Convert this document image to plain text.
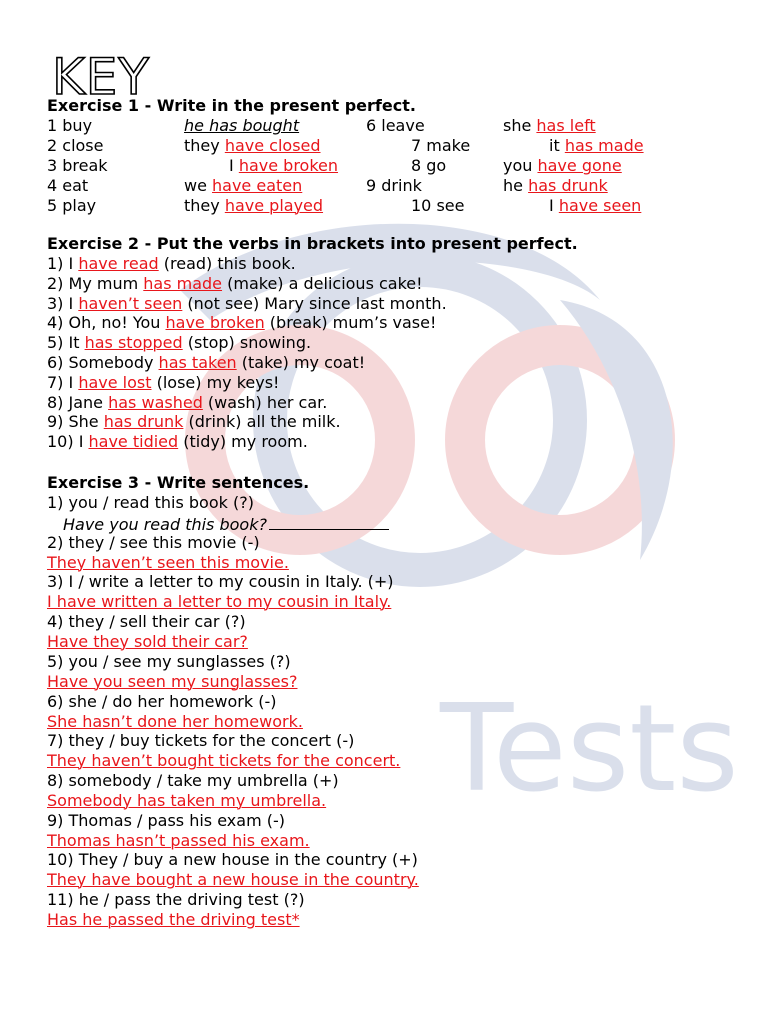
Tests
KEY
Exercise 1 - Write in the present perfect.
1 buy	he has bought	6 leave	she has left
2 close	they have closed	7 make	it has made
3 break	I have broken	8 go	you have gone
4 eat	we have eaten	9 drink	he has drunk
5 play	they have played	10 see	I have seen
Exercise 2 - Put the verbs in brackets into present perfect.
1) I have read (read) this book.
2) My mum has made (make) a delicious cake!
3) I haven’t seen (not see) Mary since last month.
4) Oh, no! You have broken (break) mum’s vase!
5) It has stopped (stop) snowing.
6) Somebody has taken (take) my coat!
7) I have lost (lose) my keys!
8) Jane has washed (wash) her car.
9) She has drunk (drink) all the milk.
10) I have tidied (tidy) my room.
Exercise 3 - Write sentences.
1) you / read this book (?)
Have you read this book?
2) they / see this movie (-)
They haven’t seen this movie.
3) I / write a letter to my cousin in Italy. (+)
I have written a letter to my cousin in Italy.
4) they / sell their car (?)
Have they sold their car?
5) you / see my sunglasses (?)
Have you seen my sunglasses?
6) she / do her homework (-)
She hasn’t done her homework.
7) they / buy tickets for the concert (-)
They haven’t bought tickets for the concert.
8) somebody / take my umbrella (+)
Somebody has taken my umbrella.
9) Thomas / pass his exam (-)
Thomas hasn’t passed his exam.
10) They / buy a new house in the country (+)
They have bought a new house in the country.
11) he / pass the driving test (?)
Has he passed the driving test*
